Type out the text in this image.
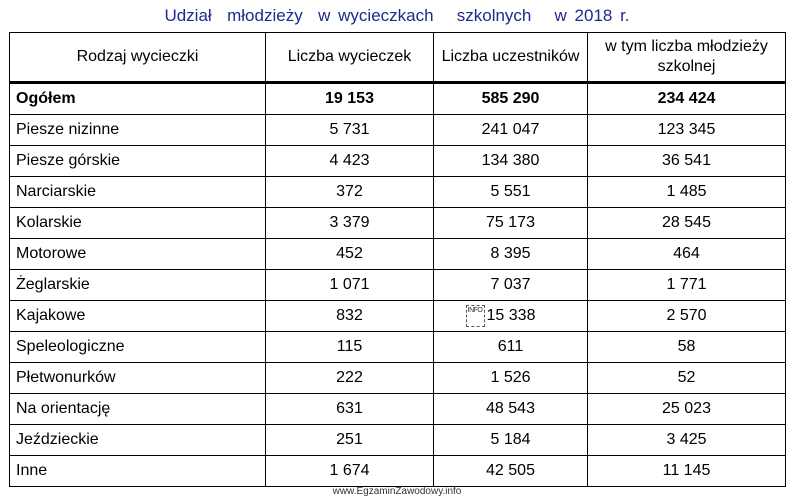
Udział  młodzieży  w wycieczkach   szkolnych   w 2018 r.
Rodzaj wycieczki	Liczba wycieczek	Liczba uczestników	w tym liczba młodzieży szkolnej
Ogółem	19 153	585 290	234 424
Piesze nizinne	5 731	241 047	123 345
Piesze górskie	4 423	134 380	36 541
Narciarskie	372	5 551	1 485
Kolarskie	3 379	75 173	28 545
Motorowe	452	8 395	464
Żeglarskie	1 071	7 037	1 771
Kajakowe	832	INFO 15 338	2 570
Speleologiczne	115	611	58
Płetwonurków	222	1 526	52
Na orientację	631	48 543	25 023
Jeździeckie	251	5 184	3 425
Inne	1 674	42 505	11 145
www.EgzaminZawodowy.info
